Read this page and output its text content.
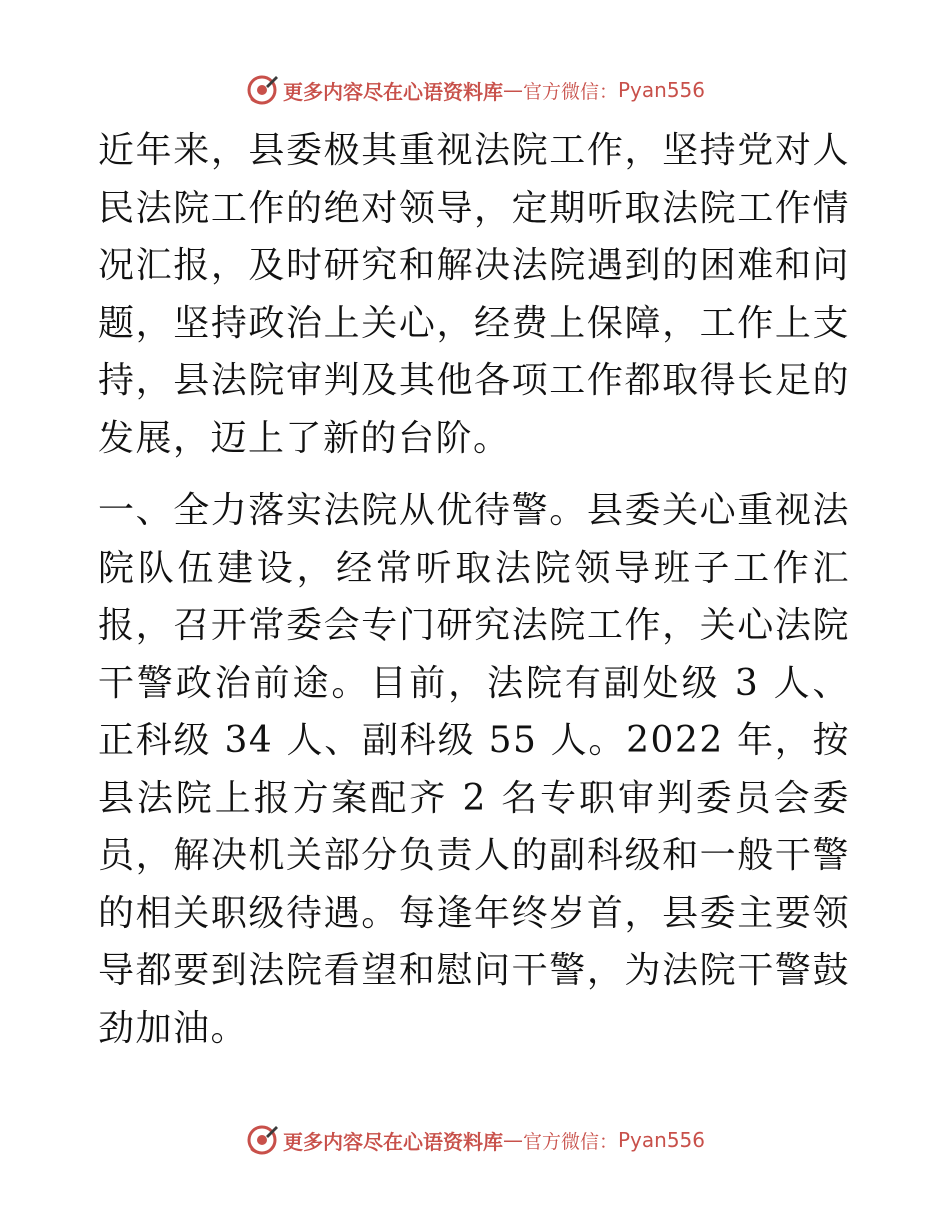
更多内容尽在心语资料库 — 官方微信： Pyan556

近年来，县委极其重视法院工作，坚持党对人民法院工作的绝对领导，定期听取法院工作情况汇报，及时研究和解决法院遇到的困难和问题，坚持政治上关心，经费上保障，工作上支持，县法院审判及其他各项工作都取得长足的发展，迈上了新的台阶。

一、全力落实法院从优待警。县委关心重视法院队伍建设，经常听取法院领导班子工作汇报，召开常委会专门研究法院工作，关心法院干警政治前途。目前，法院有副处级 3 人、正科级 34 人、副科级 55 人。2022 年，按县法院上报方案配齐 2 名专职审判委员会委员，解决机关部分负责人的副科级和一般干警的相关职级待遇。每逢年终岁首，县委主要领导都要到法院看望和慰问干警，为法院干警鼓劲加油。

更多内容尽在心语资料库 — 官方微信： Pyan556
